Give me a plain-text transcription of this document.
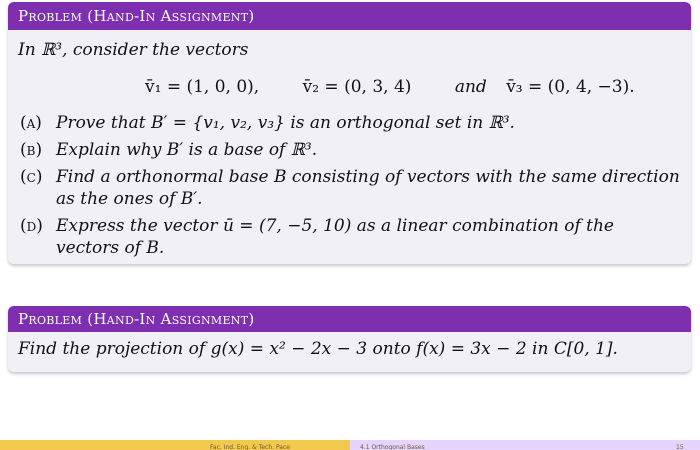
Problem (Hand-In Assignment)
In ℝ³, consider the vectors
v̄₁ = (1, 0, 0),	v̄₂ = (0, 3, 4)	and v̄₃ = (0, 4, −3).
(a) Prove that B′ = {v₁, v₂, v₃} is an orthogonal set in ℝ³.
(b) Explain why B′ is a base of ℝ³.
(c) Find a orthonormal base B consisting of vectors with the same direction as the ones of B′.
(d) Express the vector ū = (7, −5, 10) as a linear combination of the vectors of B.
Problem (Hand-In Assignment)
Find the projection of g(x) = x² − 2x − 3 onto f(x) = 3x − 2 in C[0, 1].
Fac. Ind. Eng. & Tech. Pace	4.1 Orthogonal Bases	15
